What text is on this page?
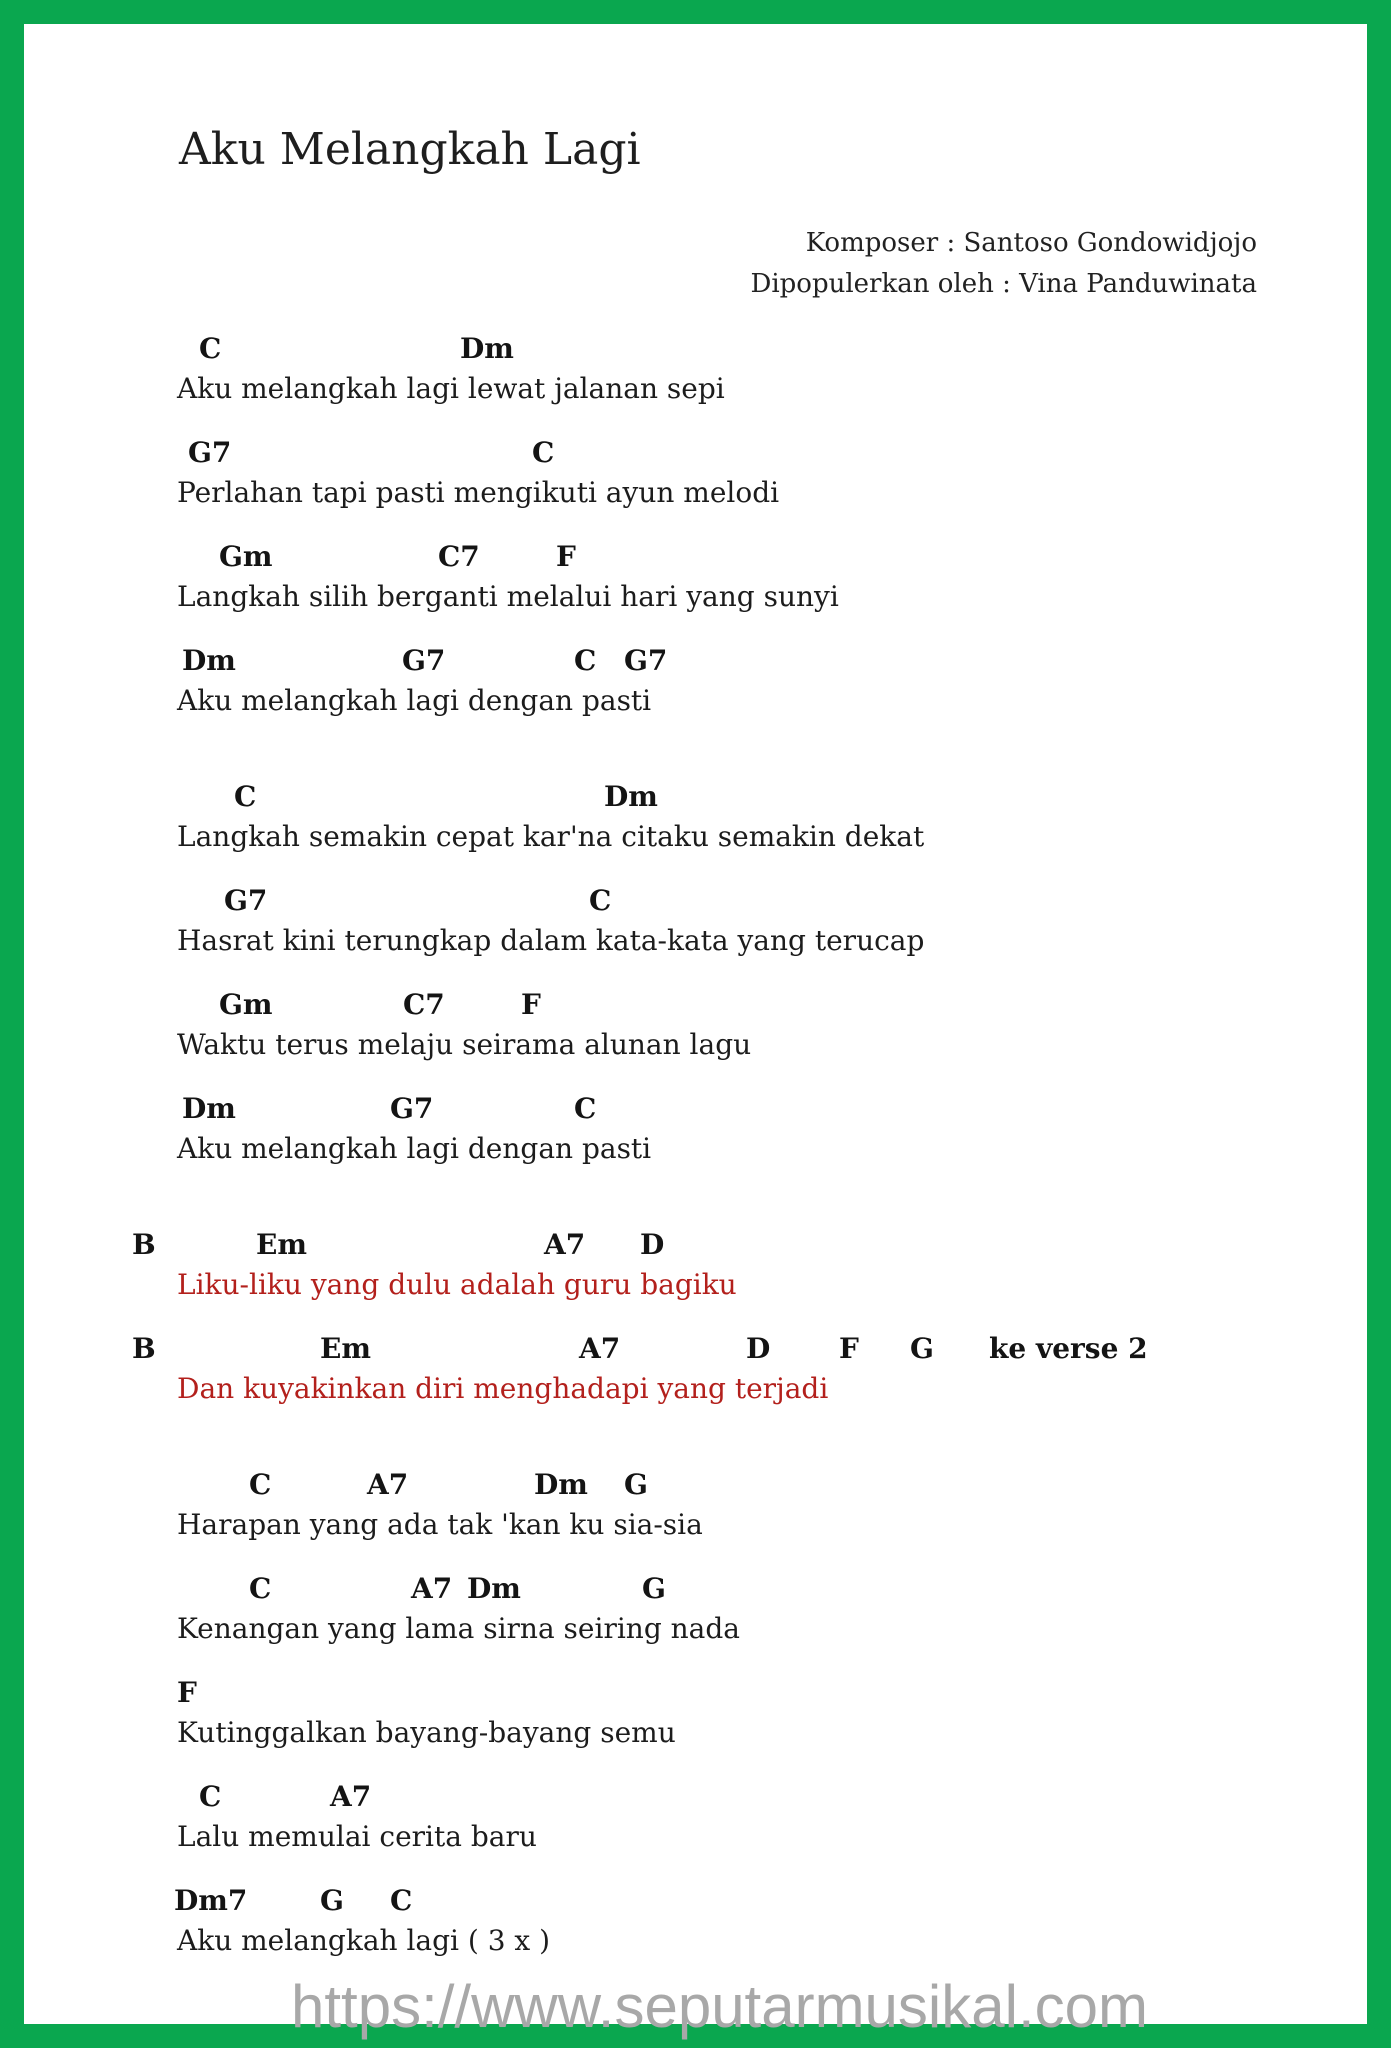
Aku Melangkah Lagi
Komposer : Santoso Gondowidjojo
Dipopulerkan oleh : Vina Panduwinata
C	Dm
Aku melangkah lagi lewat jalanan sepi
G7	C
Perlahan tapi pasti mengikuti ayun melodi
Gm	C7	F
Langkah silih berganti melalui hari yang sunyi
Dm	G7	C G7
Aku melangkah lagi dengan pasti
C	Dm
Langkah semakin cepat kar'na citaku semakin dekat
G7	C
Hasrat kini terungkap dalam kata-kata yang terucap
Gm	C7	F
Waktu terus melaju seirama alunan lagu
Dm	G7	C
Aku melangkah lagi dengan pasti
B	Em	A7 D
Liku-liku yang dulu adalah guru bagiku
B	Em	A7	D F G ke verse 2
Dan kuyakinkan diri menghadapi yang terjadi
C	A7	Dm G
Harapan yang ada tak 'kan ku sia-sia
C	A7 Dm	G
Kenangan yang lama sirna seiring nada
F
Kutinggalkan bayang-bayang semu
C	A7
Lalu memulai cerita baru
Dm7	G C
Aku melangkah lagi ( 3 x )
https://www.seputarmusikal.com
